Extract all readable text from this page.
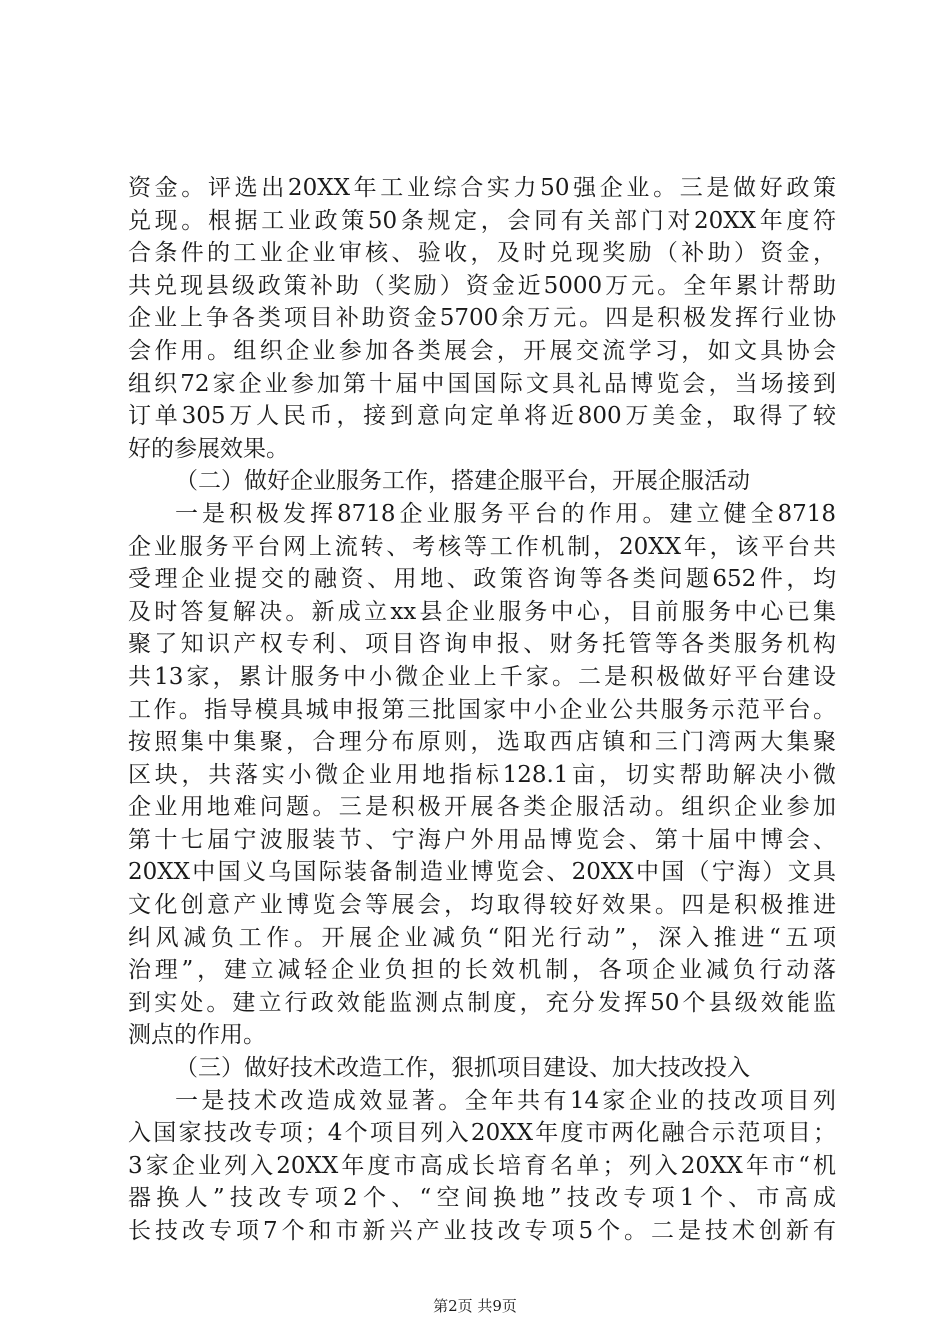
资金。评选出20XX年工业综合实力50强企业。三是做好政策
兑现。根据工业政策50条规定，会同有关部门对20XX年度符
合条件的工业企业审核、验收，及时兑现奖励（补助）资金，
共兑现县级政策补助（奖励）资金近5000万元。全年累计帮助
企业上争各类项目补助资金5700余万元。四是积极发挥行业协
会作用。组织企业参加各类展会，开展交流学习，如文具协会
组织72家企业参加第十届中国国际文具礼品博览会，当场接到
订单305万人民币，接到意向定单将近800万美金，取得了较
好的参展效果。
（二）做好企业服务工作，搭建企服平台，开展企服活动
一是积极发挥8718企业服务平台的作用。建立健全8718
企业服务平台网上流转、考核等工作机制，20XX年，该平台共
受理企业提交的融资、用地、政策咨询等各类问题652件，均
及时答复解决。新成立xx县企业服务中心，目前服务中心已集
聚了知识产权专利、项目咨询申报、财务托管等各类服务机构
共13家，累计服务中小微企业上千家。二是积极做好平台建设
工作。指导模具城申报第三批国家中小企业公共服务示范平台。
按照集中集聚，合理分布原则，选取西店镇和三门湾两大集聚
区块，共落实小微企业用地指标128.1亩，切实帮助解决小微
企业用地难问题。三是积极开展各类企服活动。组织企业参加
第十七届宁波服装节、宁海户外用品博览会、第十届中博会、
20XX中国义乌国际装备制造业博览会、20XX中国（宁海）文具
文化创意产业博览会等展会，均取得较好效果。四是积极推进
纠风减负工作。开展企业减负“阳光行动”，深入推进“五项
治理”，建立减轻企业负担的长效机制，各项企业减负行动落
到实处。建立行政效能监测点制度，充分发挥50个县级效能监
测点的作用。
（三）做好技术改造工作，狠抓项目建设、加大技改投入
一是技术改造成效显著。全年共有14家企业的技改项目列
入国家技改专项；4个项目列入20XX年度市两化融合示范项目；
3家企业列入20XX年度市高成长培育名单；列入20XX年市“机
器换人”技改专项2个、“空间换地”技改专项1个、市高成
长技改专项7个和市新兴产业技改专项5个。二是技术创新有
第2页 共9页
